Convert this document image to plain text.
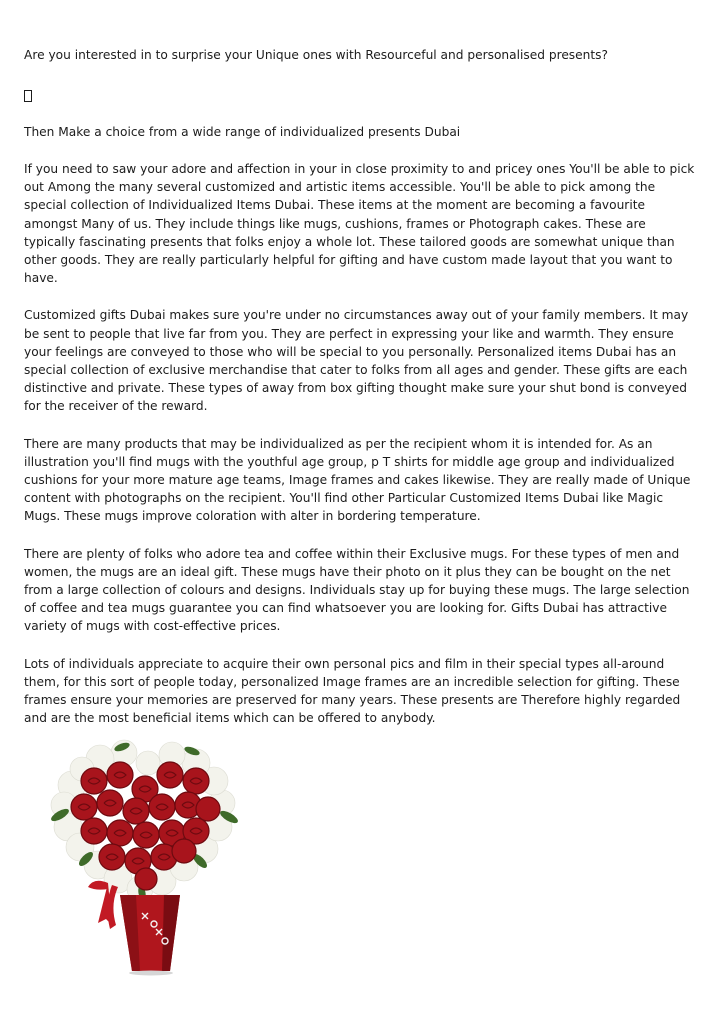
Are you interested in to surprise your Unique ones with Resourceful and personalised presents?

Then Make a choice from a wide range of individualized presents Dubai

If you need to saw your adore and affection in your in close proximity to and pricey ones You'll be able to pick out Among the many several customized and artistic items accessible. You'll be able to pick among the special collection of Individualized Items Dubai. These items at the moment are becoming a favourite amongst Many of us. They include things like mugs, cushions, frames or Photograph cakes. These are typically fascinating presents that folks enjoy a whole lot. These tailored goods are somewhat unique than other goods. They are really particularly helpful for gifting and have custom made layout that you want to have.

Customized gifts Dubai makes sure you're under no circumstances away out of your family members. It may be sent to people that live far from you. They are perfect in expressing your like and warmth. They ensure your feelings are conveyed to those who will be special to you personally. Personalized items Dubai has an special collection of exclusive merchandise that cater to folks from all ages and gender. These gifts are each distinctive and private. These types of away from box gifting thought make sure your shut bond is conveyed for the receiver of the reward.

There are many products that may be individualized as per the recipient whom it is intended for. As an illustration you'll find mugs with the youthful age group, p T shirts for middle age group and individualized cushions for your more mature age teams, Image frames and cakes likewise. They are really made of Unique content with photographs on the recipient. You'll find other Particular Customized Items Dubai like Magic Mugs. These mugs improve coloration with alter in bordering temperature.

There are plenty of folks who adore tea and coffee within their Exclusive mugs. For these types of men and women, the mugs are an ideal gift. These mugs have their photo on it plus they can be bought on the net from a large collection of colours and designs. Individuals stay up for buying these mugs. The large selection of coffee and tea mugs guarantee you can find whatsoever you are looking for. Gifts Dubai has attractive variety of mugs with cost-effective prices.

Lots of individuals appreciate to acquire their own personal pics and film in their special types all-around them, for this sort of people today, personalized Image frames are an incredible selection for gifting. These frames ensure your memories are preserved for many years. These presents are Therefore highly regarded and are the most beneficial items which can be offered to anybody.
